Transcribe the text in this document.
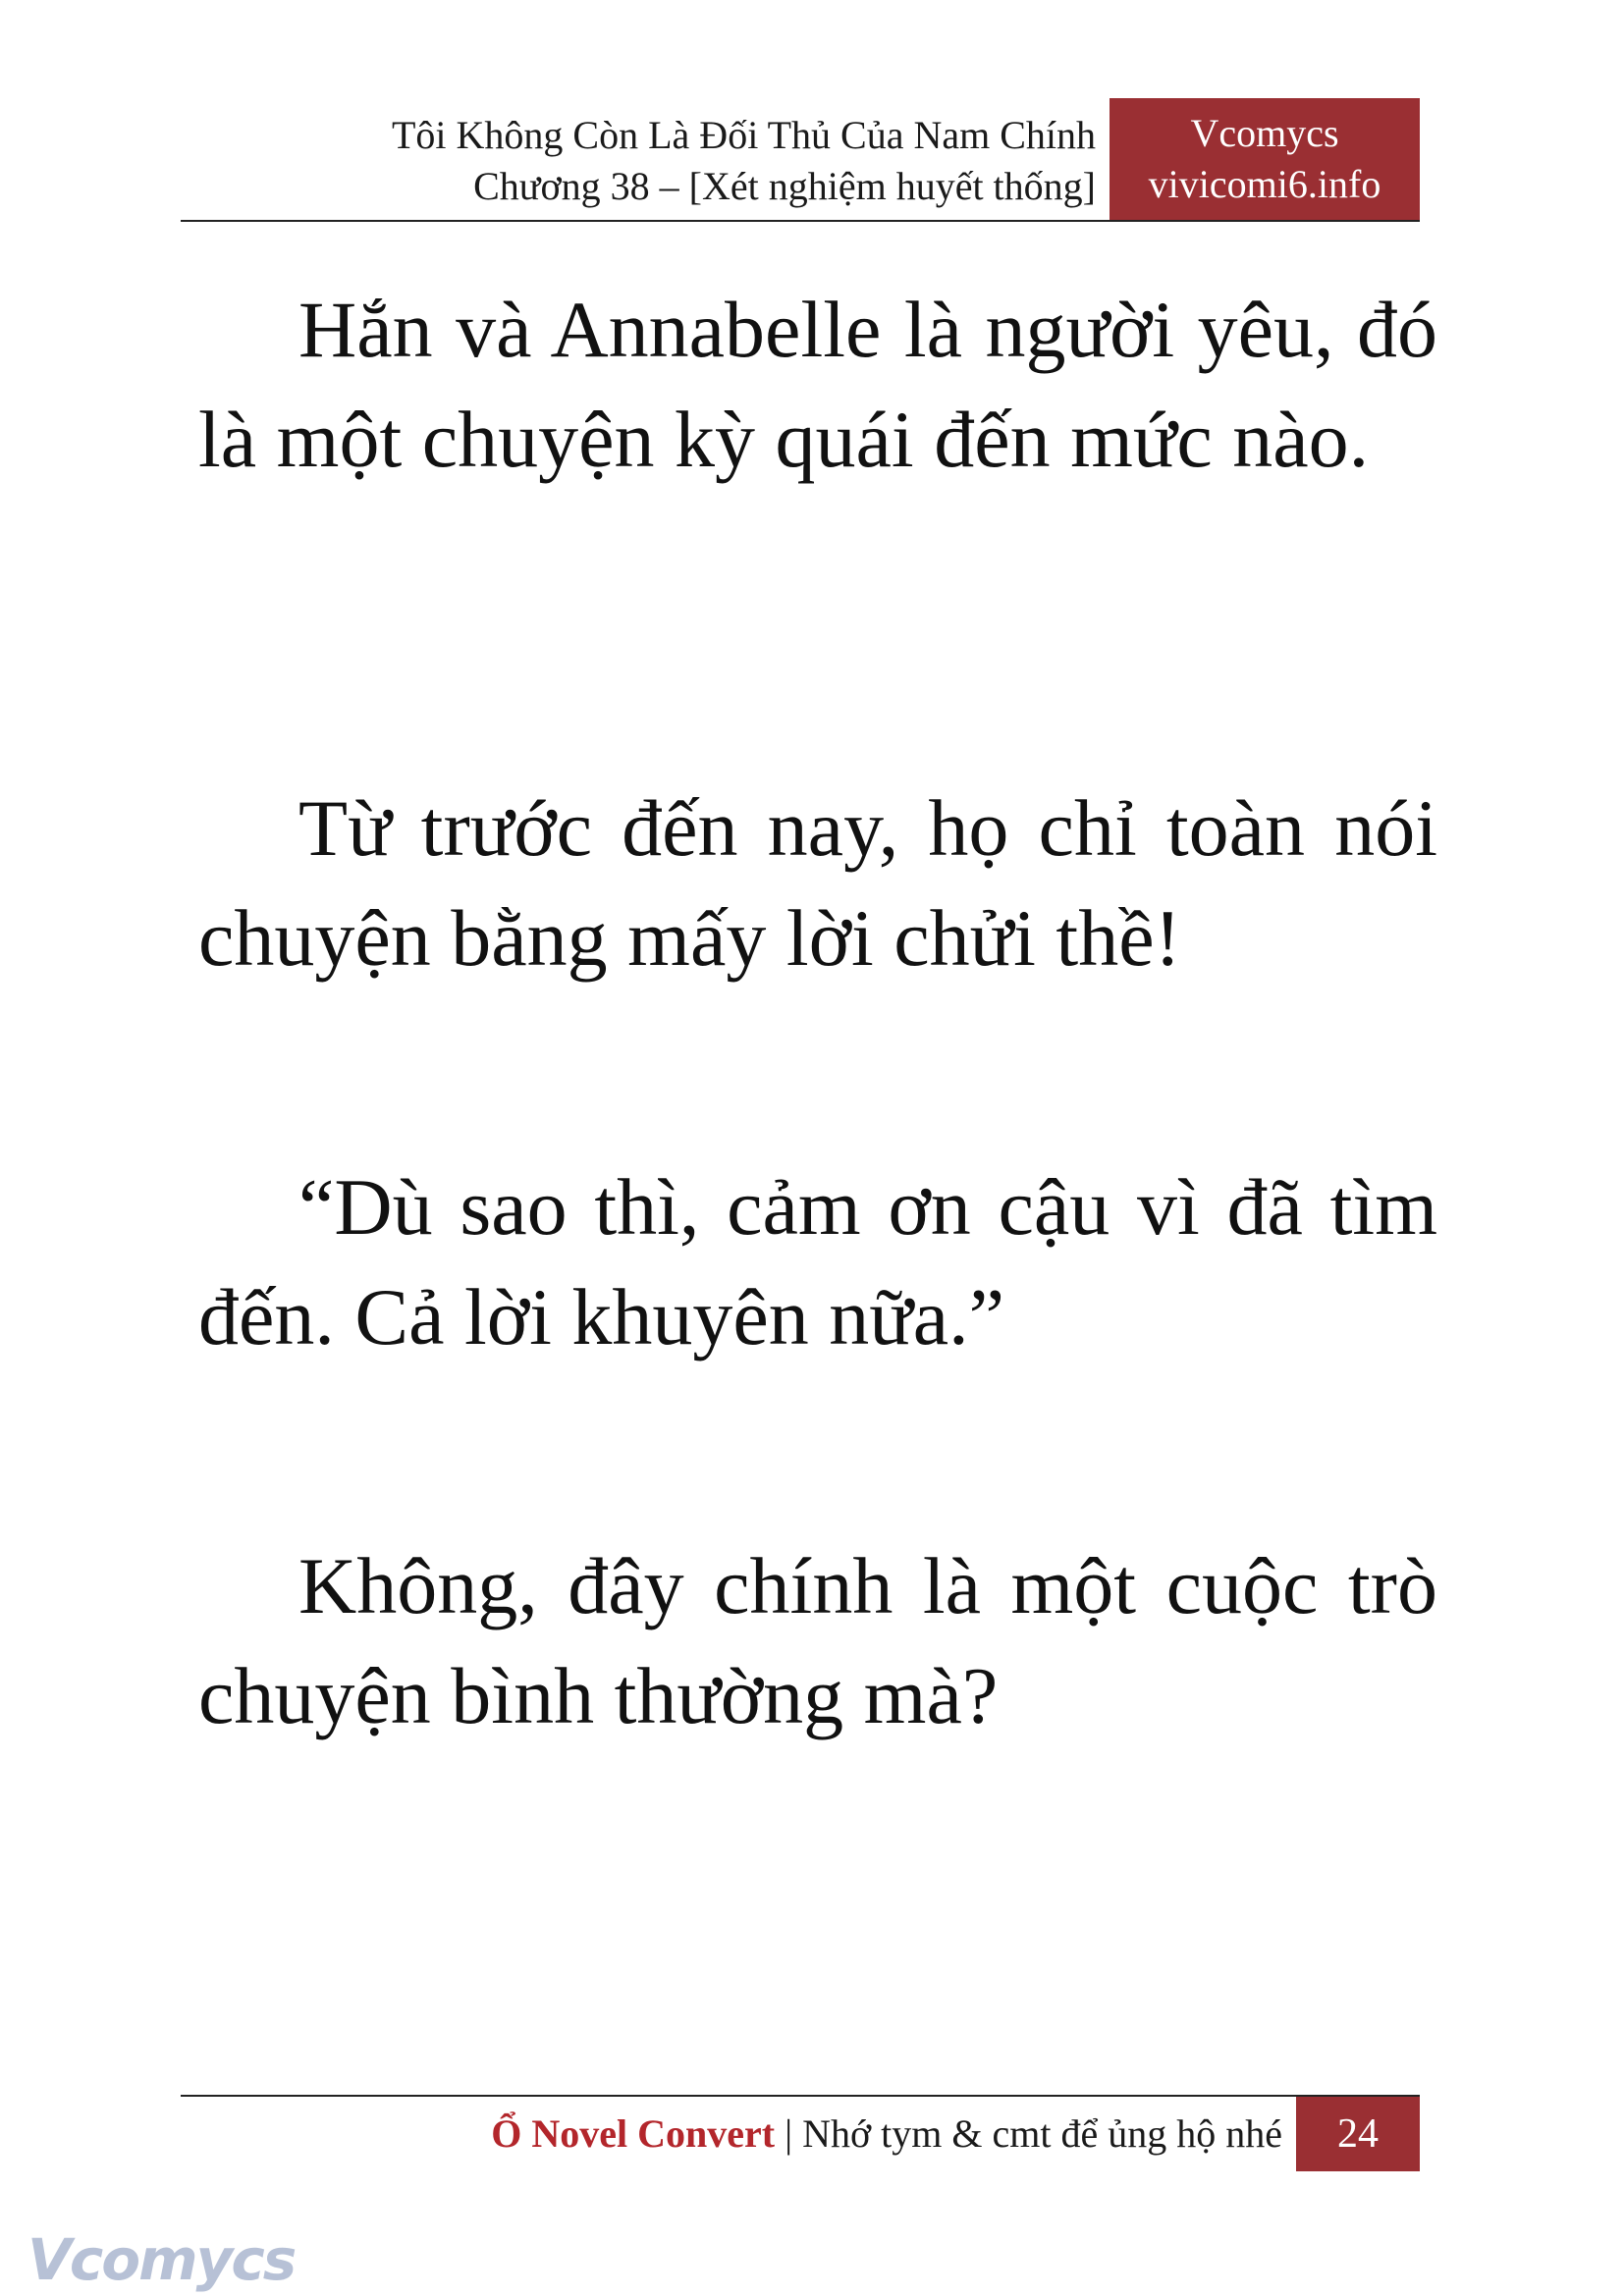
Tôi Không Còn Là Đối Thủ Của Nam Chính
Chương 38 – [Xét nghiệm huyết thống]
Vcomycs
vivicomi6.info
Hắn và Annabelle là người yêu, đó là một chuyện kỳ quái đến mức nào.
Từ trước đến nay, họ chỉ toàn nói chuyện bằng mấy lời chửi thề!
“Dù sao thì, cảm ơn cậu vì đã tìm đến. Cả lời khuyên nữa.”
Không, đây chính là một cuộc trò chuyện bình thường mà?
Ổ Novel Convert | Nhớ tym & cmt để ủng hộ nhé	24
Vcomycs
